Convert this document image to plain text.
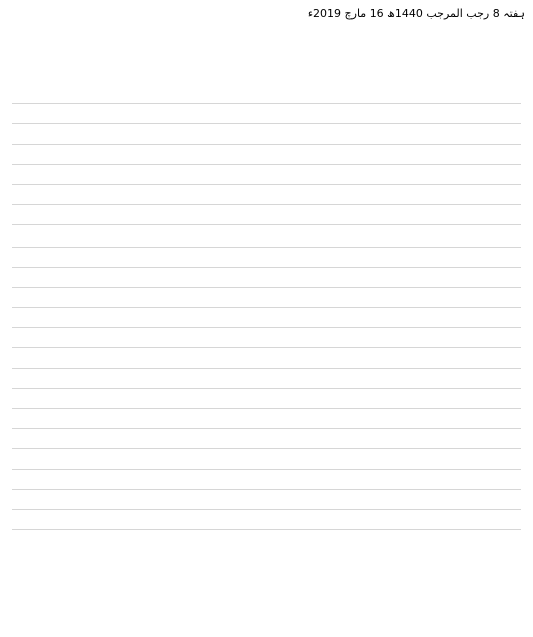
ہفتہ 8 رجب المرجب 1440ھ 16 مارچ 2019ء
